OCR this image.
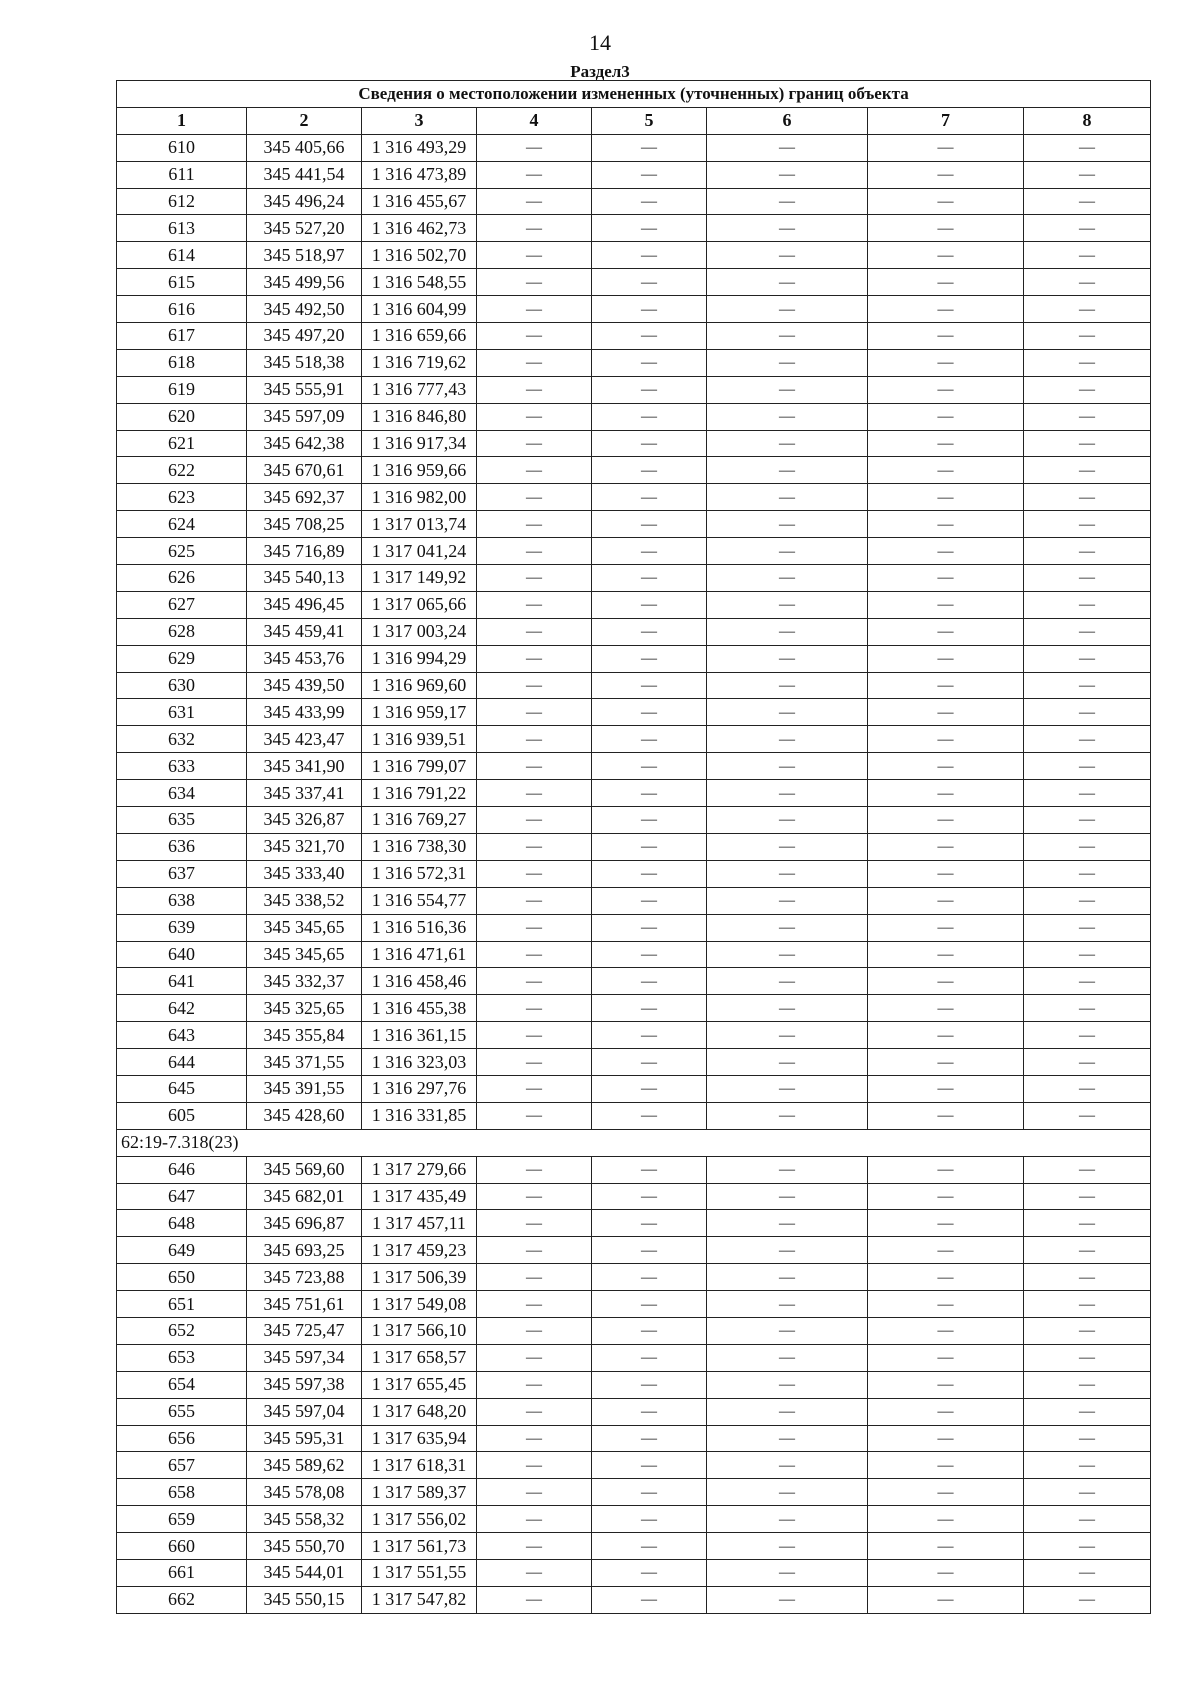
14
Раздел3
Сведения о местоположении измененных (уточненных) границ объекта							
1	2	3	4	5	6	7	8
610	345 405,66	1 316 493,29	—	—	—	—	—
611	345 441,54	1 316 473,89	—	—	—	—	—
612	345 496,24	1 316 455,67	—	—	—	—	—
613	345 527,20	1 316 462,73	—	—	—	—	—
614	345 518,97	1 316 502,70	—	—	—	—	—
615	345 499,56	1 316 548,55	—	—	—	—	—
616	345 492,50	1 316 604,99	—	—	—	—	—
617	345 497,20	1 316 659,66	—	—	—	—	—
618	345 518,38	1 316 719,62	—	—	—	—	—
619	345 555,91	1 316 777,43	—	—	—	—	—
620	345 597,09	1 316 846,80	—	—	—	—	—
621	345 642,38	1 316 917,34	—	—	—	—	—
622	345 670,61	1 316 959,66	—	—	—	—	—
623	345 692,37	1 316 982,00	—	—	—	—	—
624	345 708,25	1 317 013,74	—	—	—	—	—
625	345 716,89	1 317 041,24	—	—	—	—	—
626	345 540,13	1 317 149,92	—	—	—	—	—
627	345 496,45	1 317 065,66	—	—	—	—	—
628	345 459,41	1 317 003,24	—	—	—	—	—
629	345 453,76	1 316 994,29	—	—	—	—	—
630	345 439,50	1 316 969,60	—	—	—	—	—
631	345 433,99	1 316 959,17	—	—	—	—	—
632	345 423,47	1 316 939,51	—	—	—	—	—
633	345 341,90	1 316 799,07	—	—	—	—	—
634	345 337,41	1 316 791,22	—	—	—	—	—
635	345 326,87	1 316 769,27	—	—	—	—	—
636	345 321,70	1 316 738,30	—	—	—	—	—
637	345 333,40	1 316 572,31	—	—	—	—	—
638	345 338,52	1 316 554,77	—	—	—	—	—
639	345 345,65	1 316 516,36	—	—	—	—	—
640	345 345,65	1 316 471,61	—	—	—	—	—
641	345 332,37	1 316 458,46	—	—	—	—	—
642	345 325,65	1 316 455,38	—	—	—	—	—
643	345 355,84	1 316 361,15	—	—	—	—	—
644	345 371,55	1 316 323,03	—	—	—	—	—
645	345 391,55	1 316 297,76	—	—	—	—	—
605	345 428,60	1 316 331,85	—	—	—	—	—
62:19-7.318(23)							
646	345 569,60	1 317 279,66	—	—	—	—	—
647	345 682,01	1 317 435,49	—	—	—	—	—
648	345 696,87	1 317 457,11	—	—	—	—	—
649	345 693,25	1 317 459,23	—	—	—	—	—
650	345 723,88	1 317 506,39	—	—	—	—	—
651	345 751,61	1 317 549,08	—	—	—	—	—
652	345 725,47	1 317 566,10	—	—	—	—	—
653	345 597,34	1 317 658,57	—	—	—	—	—
654	345 597,38	1 317 655,45	—	—	—	—	—
655	345 597,04	1 317 648,20	—	—	—	—	—
656	345 595,31	1 317 635,94	—	—	—	—	—
657	345 589,62	1 317 618,31	—	—	—	—	—
658	345 578,08	1 317 589,37	—	—	—	—	—
659	345 558,32	1 317 556,02	—	—	—	—	—
660	345 550,70	1 317 561,73	—	—	—	—	—
661	345 544,01	1 317 551,55	—	—	—	—	—
662	345 550,15	1 317 547,82	—	—	—	—	—
